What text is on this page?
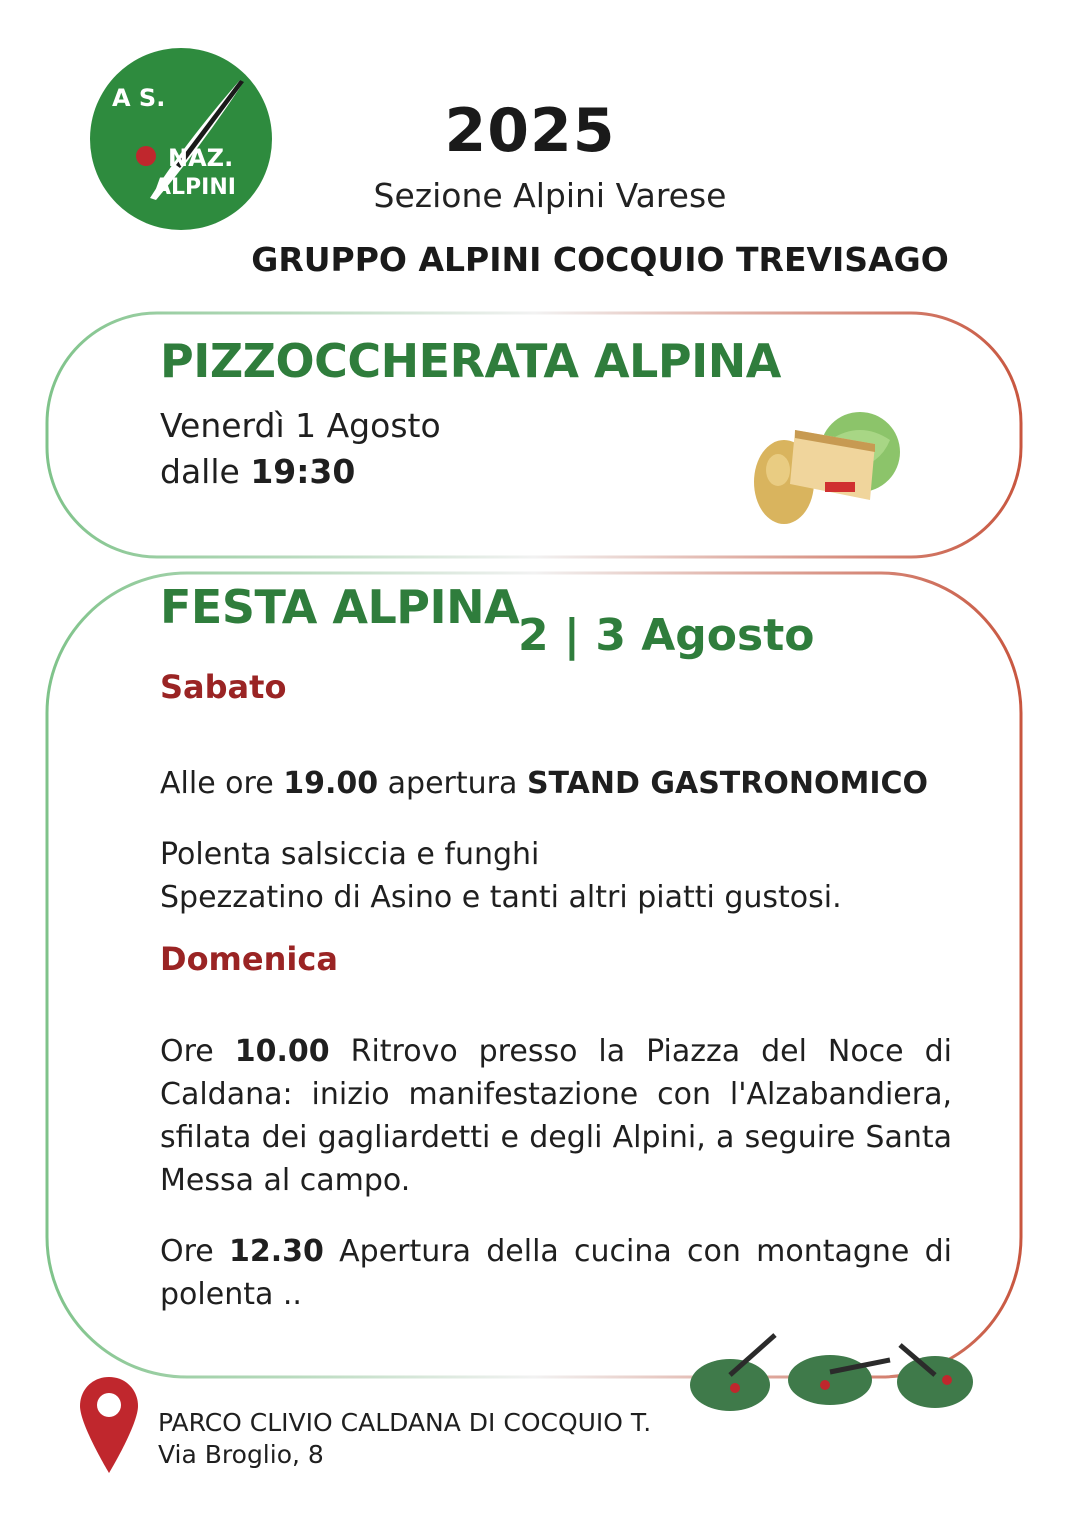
A S.
NAZ.
ALPINI
2025
Sezione Alpini Varese
GRUPPO ALPINI COCQUIO TREVISAGO
PIZZOCCHERATA ALPINA
Venerdì 1 Agosto
dalle 19:30
FESTA ALPINA
2 | 3 Agosto
Sabato
Alle ore 19.00 apertura STAND GASTRONOMICO
Polenta salsiccia e funghi
Spezzatino di Asino e tanti altri piatti gustosi.
Domenica
Ore 10.00 Ritrovo presso la Piazza del Noce di Caldana: inizio manifestazione con l'Alzabandiera, sfilata dei gagliardetti e degli Alpini, a seguire Santa Messa al campo.
Ore 12.30 Apertura della cucina con montagne di polenta ..
PARCO CLIVIO CALDANA DI COCQUIO T.
Via Broglio, 8
